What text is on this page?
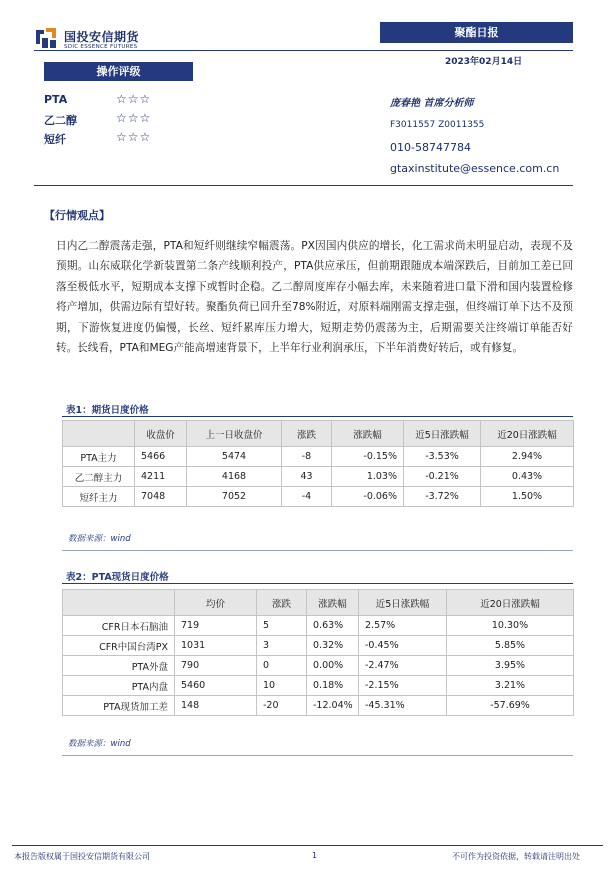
国投安信期货
SDIC ESSENCE FUTURES
聚酯日报
2023年02月14日
操作评级
PTA	☆☆☆
乙二醇	☆☆☆
短纤	☆☆☆
庞春艳 首席分析师
F3011557 Z0011355
010-58747784
gtaxinstitute@essence.com.cn
【行情观点】

日内乙二醇震荡走强，PTA和短纤则继续窄幅震荡。PX因国内供应的增长，化工需求尚未明显启动，表现不及预期。山东威联化学新装置第二条产线顺利投产，PTA供应承压，但前期跟随成本端深跌后，目前加工差已回落至极低水平，短期成本支撑下或暂时企稳。乙二醇周度库存小幅去库，未来随着进口量下滑和国内装置检修将产增加，供需边际有望好转。聚酯负荷已回升至78%附近，对原料端刚需支撑走强，但终端订单下达不及预期，下游恢复进度仍偏慢，长丝、短纤累库压力增大，短期走势仍震荡为主，后期需要关注终端订单能否好转。长线看，PTA和MEG产能高增速背景下，上半年行业利润承压，下半年消费好转后，或有修复。

表1：期货日度价格
	收盘价	上一日收盘价	涨跌	涨跌幅	近5日涨跌幅	近20日涨跌幅
PTA主力	5466	5474	-8	-0.15%	-3.53%	2.94%
乙二醇主力	4211	4168	43	1.03%	-0.21%	0.43%
短纤主力	7048	7052	-4	-0.06%	-3.72%	1.50%
数据来源：wind
表2：PTA现货日度价格
	均价	涨跌	涨跌幅	近5日涨跌幅	近20日涨跌幅
CFR日本石脑油	719	5	0.63%	2.57%	10.30%
CFR中国台湾PX	1031	3	0.32%	-0.45%	5.85%
PTA外盘	790	0	0.00%	-2.47%	3.95%
PTA内盘	5460	10	0.18%	-2.15%	3.21%
PTA现货加工差	148	-20	-12.04%	-45.31%	-57.69%
数据来源：wind
本报告版权属于国投安信期货有限公司	1	不可作为投资依据，转载请注明出处
